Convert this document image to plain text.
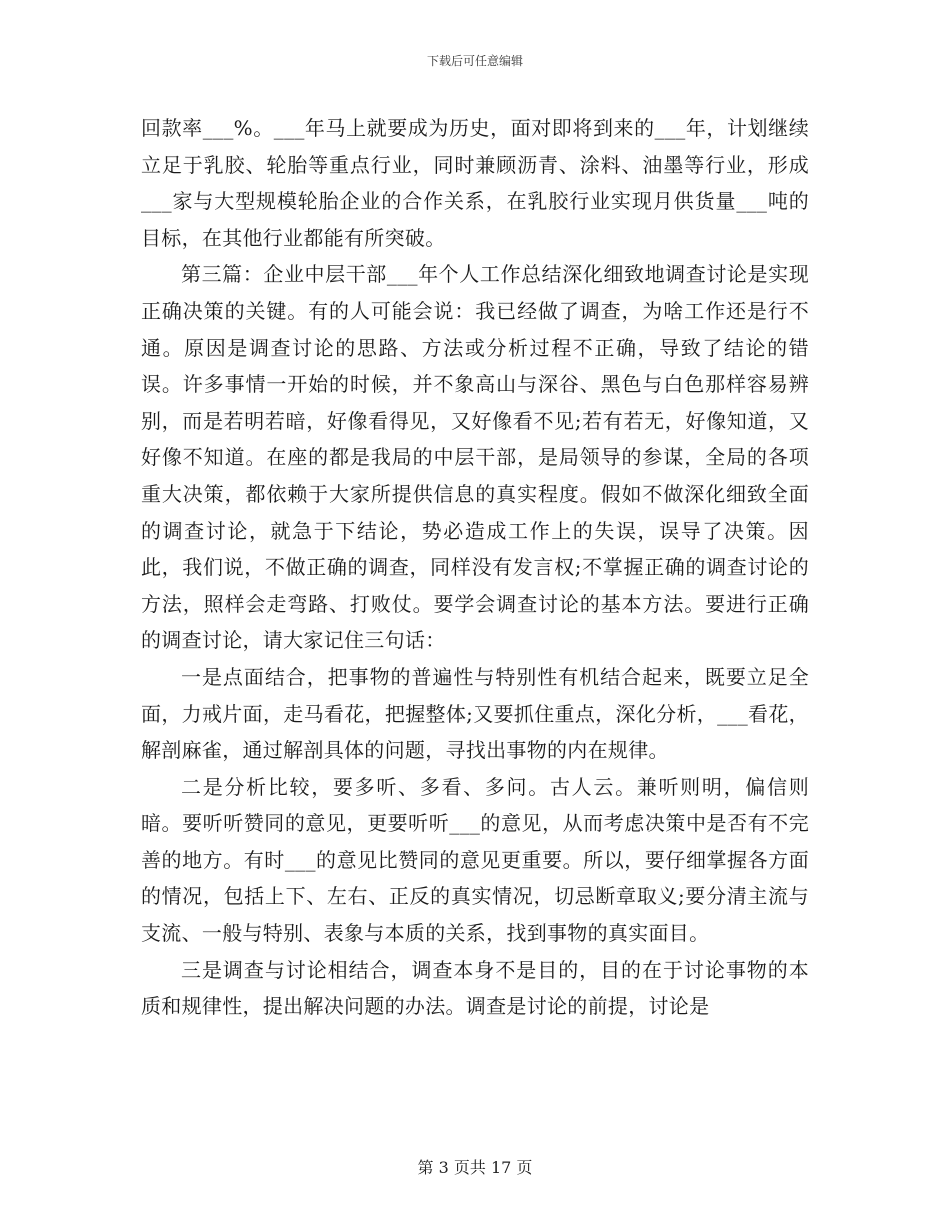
下载后可任意编辑

回款率___%。___年马上就要成为历史，面对即将到来的___年，计划继续立足于乳胶、轮胎等重点行业，同时兼顾沥青、涂料、油墨等行业，形成___家与大型规模轮胎企业的合作关系，在乳胶行业实现月供货量___吨的目标，在其他行业都能有所突破。

第三篇：企业中层干部___年个人工作总结深化细致地调查讨论是实现正确决策的关键。有的人可能会说：我已经做了调查，为啥工作还是行不通。原因是调查讨论的思路、方法或分析过程不正确，导致了结论的错误。许多事情一开始的时候，并不象高山与深谷、黑色与白色那样容易辨别，而是若明若暗，好像看得见，又好像看不见;若有若无，好像知道，又好像不知道。在座的都是我局的中层干部，是局领导的参谋，全局的各项重大决策，都依赖于大家所提供信息的真实程度。假如不做深化细致全面的调查讨论，就急于下结论，势必造成工作上的失误，误导了决策。因此，我们说，不做正确的调查，同样没有发言权;不掌握正确的调查讨论的方法，照样会走弯路、打败仗。要学会调查讨论的基本方法。要进行正确的调查讨论，请大家记住三句话：

一是点面结合，把事物的普遍性与特别性有机结合起来，既要立足全面，力戒片面，走马看花，把握整体;又要抓住重点，深化分析，___看花，解剖麻雀，通过解剖具体的问题，寻找出事物的内在规律。

二是分析比较，要多听、多看、多问。古人云。兼听则明，偏信则暗。要听听赞同的意见，更要听听___的意见，从而考虑决策中是否有不完善的地方。有时___的意见比赞同的意见更重要。所以，要仔细掌握各方面的情况，包括上下、左右、正反的真实情况，切忌断章取义;要分清主流与支流、一般与特别、表象与本质的关系，找到事物的真实面目。

三是调查与讨论相结合，调查本身不是目的，目的在于讨论事物的本质和规律性，提出解决问题的办法。调查是讨论的前提，讨论是

第 3 页共 17 页
